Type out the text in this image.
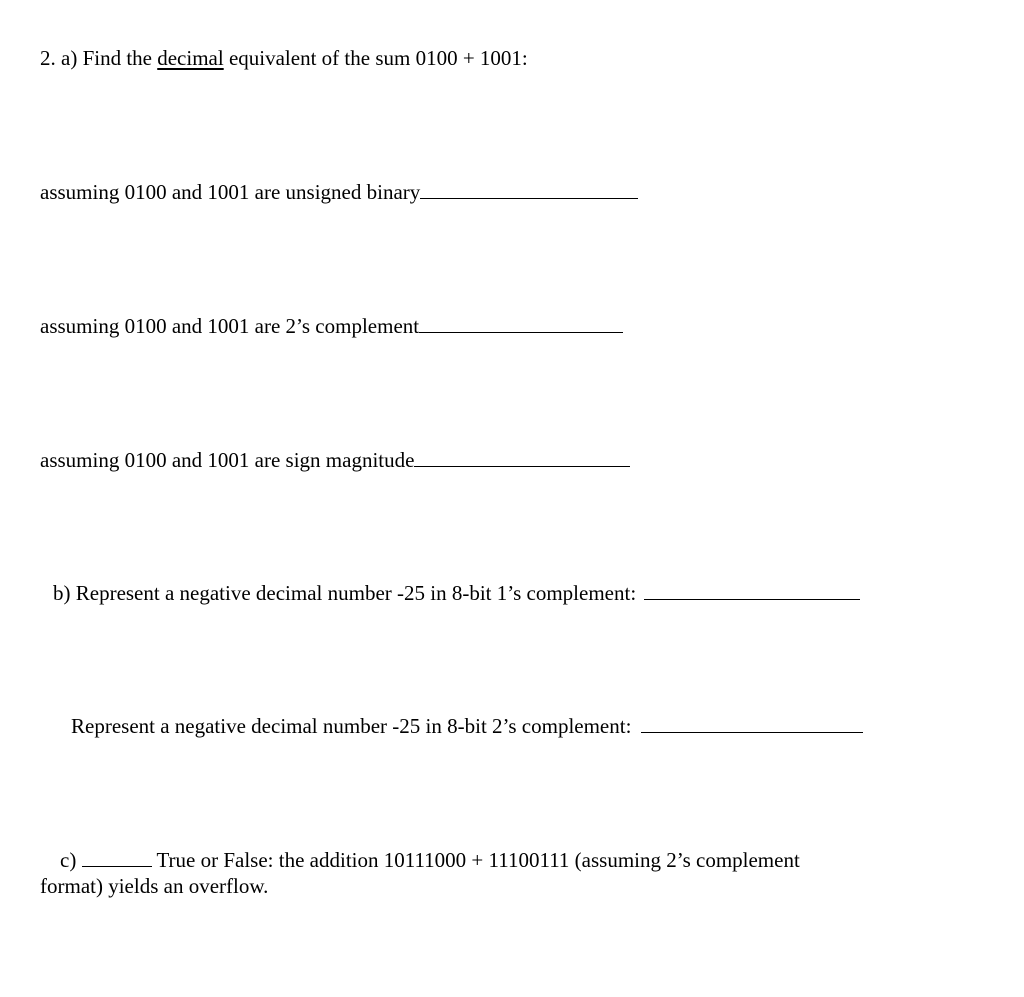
2. a) Find the decimal equivalent of the sum 0100 + 1001:
assuming 0100 and 1001 are unsigned binary
assuming 0100 and 1001 are 2’s complement
assuming 0100 and 1001 are sign magnitude
b) Represent a negative decimal number -25 in 8-bit 1’s complement:
Represent a negative decimal number -25 in 8-bit 2’s complement:
c)	True or False: the addition 10111000 + 11100111 (assuming 2’s complement
format) yields an overflow.
